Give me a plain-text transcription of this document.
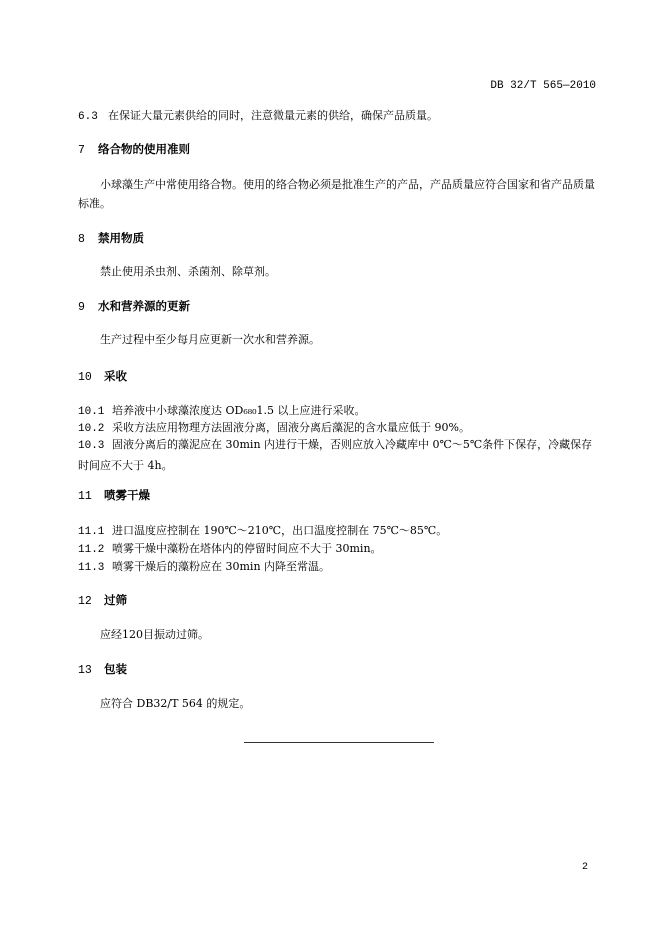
DB 32/T 565—2010
6.3 在保证大量元素供给的同时，注意微量元素的供给，确保产品质量。
7 络合物的使用准则
小球藻生产中常使用络合物。使用的络合物必须是批准生产的产品，产品质量应符合国家和省产品质量标准。
8 禁用物质
禁止使用杀虫剂、杀菌剂、除草剂。
9 水和营养源的更新
生产过程中至少每月应更新一次水和营养源。
10 采收
10.1 培养液中小球藻浓度达 OD₆₈₀1.5 以上应进行采收。
10.2 采收方法应用物理方法固液分离，固液分离后藻泥的含水量应低于 90%。
10.3 固液分离后的藻泥应在 30min 内进行干燥，否则应放入冷藏库中 0℃～5℃条件下保存，冷藏保存时间应不大于 4h。
11 喷雾干燥
11.1 进口温度应控制在 190℃～210℃，出口温度控制在 75℃～85℃。
11.2 喷雾干燥中藻粉在塔体内的停留时间应不大于 30min。
11.3 喷雾干燥后的藻粉应在 30min 内降至常温。
12 过筛
应经120目振动过筛。
13 包装
应符合 DB32/T 564 的规定。
2
